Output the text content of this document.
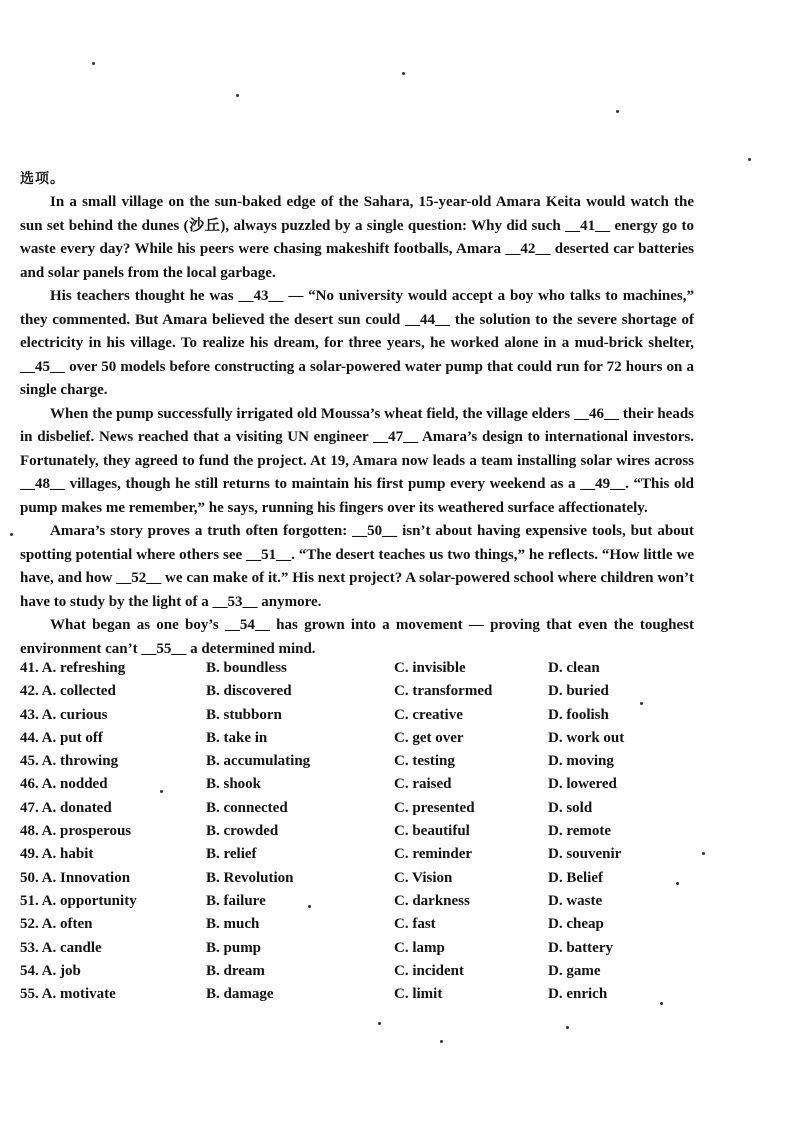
选项。

In a small village on the sun-baked edge of the Sahara, 15-year-old Amara Keita would watch the sun set behind the dunes (沙丘), always puzzled by a single question: Why did such __41__ energy go to waste every day? While his peers were chasing makeshift footballs, Amara __42__ deserted car batteries and solar panels from the local garbage.

His teachers thought he was __43__ — “No university would accept a boy who talks to machines,” they commented. But Amara believed the desert sun could __44__ the solution to the severe shortage of electricity in his village. To realize his dream, for three years, he worked alone in a mud-brick shelter, __45__ over 50 models before constructing a solar-powered water pump that could run for 72 hours on a single charge.

When the pump successfully irrigated old Moussa’s wheat field, the village elders __46__ their heads in disbelief. News reached that a visiting UN engineer __47__ Amara’s design to international investors. Fortunately, they agreed to fund the project. At 19, Amara now leads a team installing solar wires across __48__ villages, though he still returns to maintain his first pump every weekend as a __49__. “This old pump makes me remember,” he says, running his fingers over its weathered surface affectionately.

Amara’s story proves a truth often forgotten: __50__ isn’t about having expensive tools, but about spotting potential where others see __51__. “The desert teaches us two things,” he reflects. “How little we have, and how __52__ we can make of it.” His next project? A solar-powered school where children won’t have to study by the light of a __53__ anymore.

What began as one boy’s __54__ has grown into a movement — proving that even the toughest environment can’t __55__ a determined mind.

41. A. refreshing	B. boundless	C. invisible	D. clean
42. A. collected	B. discovered	C. transformed	D. buried
43. A. curious	B. stubborn	C. creative	D. foolish
44. A. put off	B. take in	C. get over	D. work out
45. A. throwing	B. accumulating	C. testing	D. moving
46. A. nodded	B. shook	C. raised	D. lowered
47. A. donated	B. connected	C. presented	D. sold
48. A. prosperous	B. crowded	C. beautiful	D. remote
49. A. habit	B. relief	C. reminder	D. souvenir
50. A. Innovation	B. Revolution	C. Vision	D. Belief
51. A. opportunity	B. failure	C. darkness	D. waste
52. A. often	B. much	C. fast	D. cheap
53. A. candle	B. pump	C. lamp	D. battery
54. A. job	B. dream	C. incident	D. game
55. A. motivate	B. damage	C. limit	D. enrich
